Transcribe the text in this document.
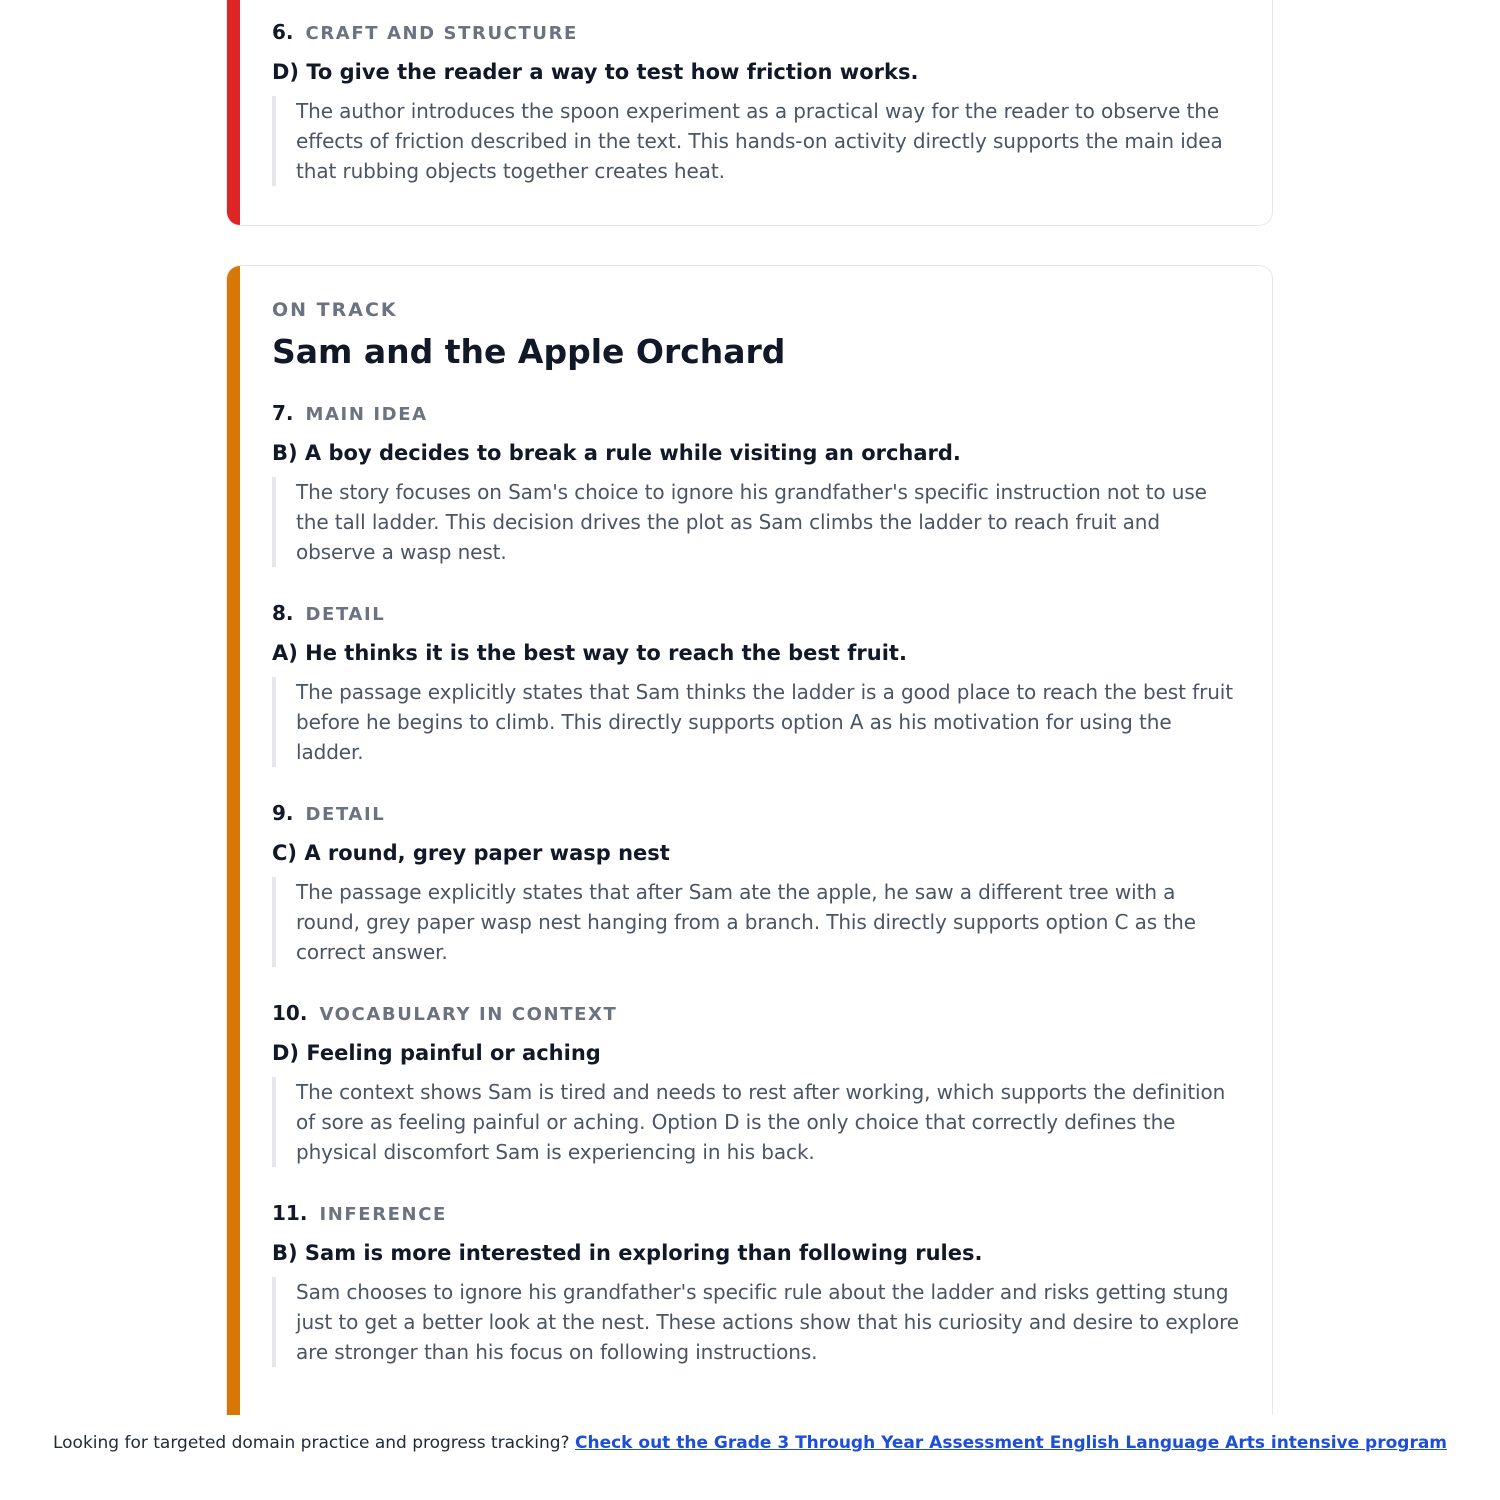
6. CRAFT AND STRUCTURE
D) To give the reader a way to test how friction works.
The author introduces the spoon experiment as a practical way for the reader to observe the effects of friction described in the text. This hands-on activity directly supports the main idea that rubbing objects together creates heat.
ON TRACK
Sam and the Apple Orchard
7. MAIN IDEA
B) A boy decides to break a rule while visiting an orchard.
The story focuses on Sam's choice to ignore his grandfather's specific instruction not to use the tall ladder. This decision drives the plot as Sam climbs the ladder to reach fruit and observe a wasp nest.
8. DETAIL
A) He thinks it is the best way to reach the best fruit.
The passage explicitly states that Sam thinks the ladder is a good place to reach the best fruit before he begins to climb. This directly supports option A as his motivation for using the ladder.
9. DETAIL
C) A round, grey paper wasp nest
The passage explicitly states that after Sam ate the apple, he saw a different tree with a round, grey paper wasp nest hanging from a branch. This directly supports option C as the correct answer.
10. VOCABULARY IN CONTEXT
D) Feeling painful or aching
The context shows Sam is tired and needs to rest after working, which supports the definition of sore as feeling painful or aching. Option D is the only choice that correctly defines the physical discomfort Sam is experiencing in his back.
11. INFERENCE
B) Sam is more interested in exploring than following rules.
Sam chooses to ignore his grandfather's specific rule about the ladder and risks getting stung just to get a better look at the nest. These actions show that his curiosity and desire to explore are stronger than his focus on following instructions.
Looking for targeted domain practice and progress tracking? Check out the Grade 3 Through Year Assessment English Language Arts intensive program
